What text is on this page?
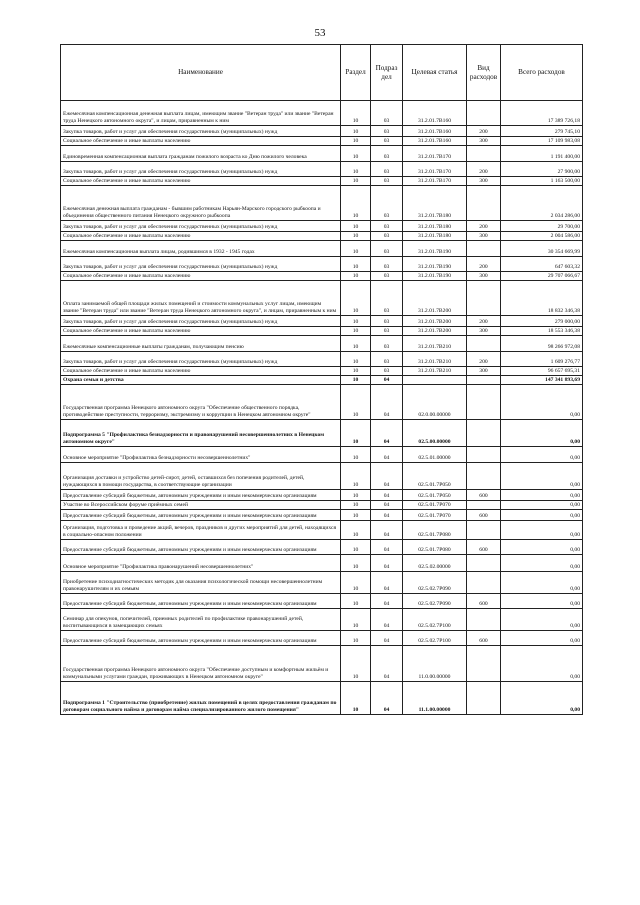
53
Наименование	Раздел	Подраз дел	Целевая статья	Вид расходов	Всего расходов
Ежемесячная компенсационная денежная выплата лицам, имеющим звание "Ветеран труда" или звание "Ветеран труда Ненецкого автономного округа", и лицам, приравненным к ним	10	03	31.2.01.7В160		17 389 726,18
Закупка товаров, работ и услуг для обеспечения государственных (муниципальных) нужд	10	03	31.2.01.7В160	200	279 745,10
Социальное обеспечение и иные выплаты населению	10	03	31.2.01.7В160	300	17 109 983,08
Единовременная компенсационная выплата гражданам пожилого возраста ко Дню пожилого человека	10	03	31.2.01.7В170		1 191 400,00
Закупка товаров, работ и услуг для обеспечения государственных (муниципальных) нужд	10	03	31.2.01.7В170	200	27 900,00
Социальное обеспечение и иные выплаты населению	10	03	31.2.01.7В170	300	1 163 500,00
Ежемесячная денежная выплата гражданам - бывшим работникам Нарьян-Марского городского рыбкоопа и объединения общественного питания Ненецкого окружного рыбкоопа	10	03	31.2.01.7В180		2 034 286,00
Закупка товаров, работ и услуг для обеспечения государственных (муниципальных) нужд	10	03	31.2.01.7В180	200	29 700,00
Социальное обеспечение и иные выплаты населению	10	03	31.2.01.7В180	300	2 004 586,00
Ежемесячная компенсационная выплата лицам, родившимся в 1932 - 1945 годах	10	03	31.2.01.7В190		30 354 669,99
Закупка товаров, работ и услуг для обеспечения государственных (муниципальных) нужд	10	03	31.2.01.7В190	200	647 603,32
Социальное обеспечение и иные выплаты населению	10	03	31.2.01.7В190	300	29 707 066,67
Оплата занимаемой общей площади жилых помещений и стоимости коммунальных услуг лицам, имеющим звание "Ветеран труда" или звание "Ветеран труда Ненецкого автономного округа", и лицам, приравненным к ним	10	03	31.2.01.7В200		18 832 346,38
Закупка товаров, работ и услуг для обеспечения государственных (муниципальных) нужд	10	03	31.2.01.7В200	200	279 000,00
Социальное обеспечение и иные выплаты населению	10	03	31.2.01.7В200	300	18 553 346,38
Ежемесячные компенсационные выплаты гражданам, получающим пенсию	10	03	31.2.01.7В210		98 266 972,08
Закупка товаров, работ и услуг для обеспечения государственных (муниципальных) нужд	10	03	31.2.01.7В210	200	1 609 276,77
Социальное обеспечение и иные выплаты населению	10	03	31.2.01.7В210	300	96 657 695,31
Охрана семьи и детства	10	04			147 341 893,69
Государственная программа Ненецкого автономного округа "Обеспечение общественного порядка, противодействие преступности, терроризму, экстремизму и коррупции в Ненецком автономном округе"	10	04	02.0.00.00000		0,00
Подпрограмма 5 "Профилактика безнадзорности и правонарушений несовершеннолетних в Ненецком автономном округе"	10	04	02.5.00.00000		0,00
Основное мероприятие "Профилактика безнадзорности несовершеннолетних"	10	04	02.5.01.00000		0,00
Организация доставки и устройство детей-сирот, детей, оставшихся без попечения родителей, детей, нуждающихся в помощи государства, в соответствующие организации	10	04	02.5.01.7Р050		0,00
Предоставление субсидий бюджетным, автономным учреждениям и иным некоммерческим организациям	10	04	02.5.01.7Р050	600	0,00
Участие во Всероссийском форуме приёмных семей	10	04	02.5.01.7Р070		0,00
Предоставление субсидий бюджетным, автономным учреждениям и иным некоммерческим организациям	10	04	02.5.01.7Р070	600	0,00
Организация, подготовка и проведение акций, вечеров, праздников и других мероприятий для детей, находящихся в социально-опасном положении	10	04	02.5.01.7Р080		0,00
Предоставление субсидий бюджетным, автономным учреждениям и иным некоммерческим организациям	10	04	02.5.01.7Р080	600	0,00
Основное мероприятие "Профилактика правонарушений несовершеннолетних"	10	04	02.5.02.00000		0,00
Приобретение психодиагностических методик для оказания психологической помощи несовершеннолетним правонарушителям и их семьям	10	04	02.5.02.7Р090		0,00
Предоставление субсидий бюджетным, автономным учреждениям и иным некоммерческим организациям	10	04	02.5.02.7Р090	600	0,00
Семинар для опекунов, попечителей, приемных родителей по профилактике правонарушений детей, воспитывающихся в замещающих семьях	10	04	02.5.02.7Р100		0,00
Предоставление субсидий бюджетным, автономным учреждениям и иным некоммерческим организациям	10	04	02.5.02.7Р100	600	0,00
Государственная программа Ненецкого автономного округа "Обеспечение доступным и комфортным жильём и коммунальными услугами граждан, проживающих в Ненецком автономном округе"	10	04	11.0.00.00000		0,00
Подпрограмма 1 "Строительство (приобретение) жилых помещений в целях предоставления гражданам по договорам социального найма и договорам найма специализированного жилого помещения"	10	04	11.1.00.00000		0,00
